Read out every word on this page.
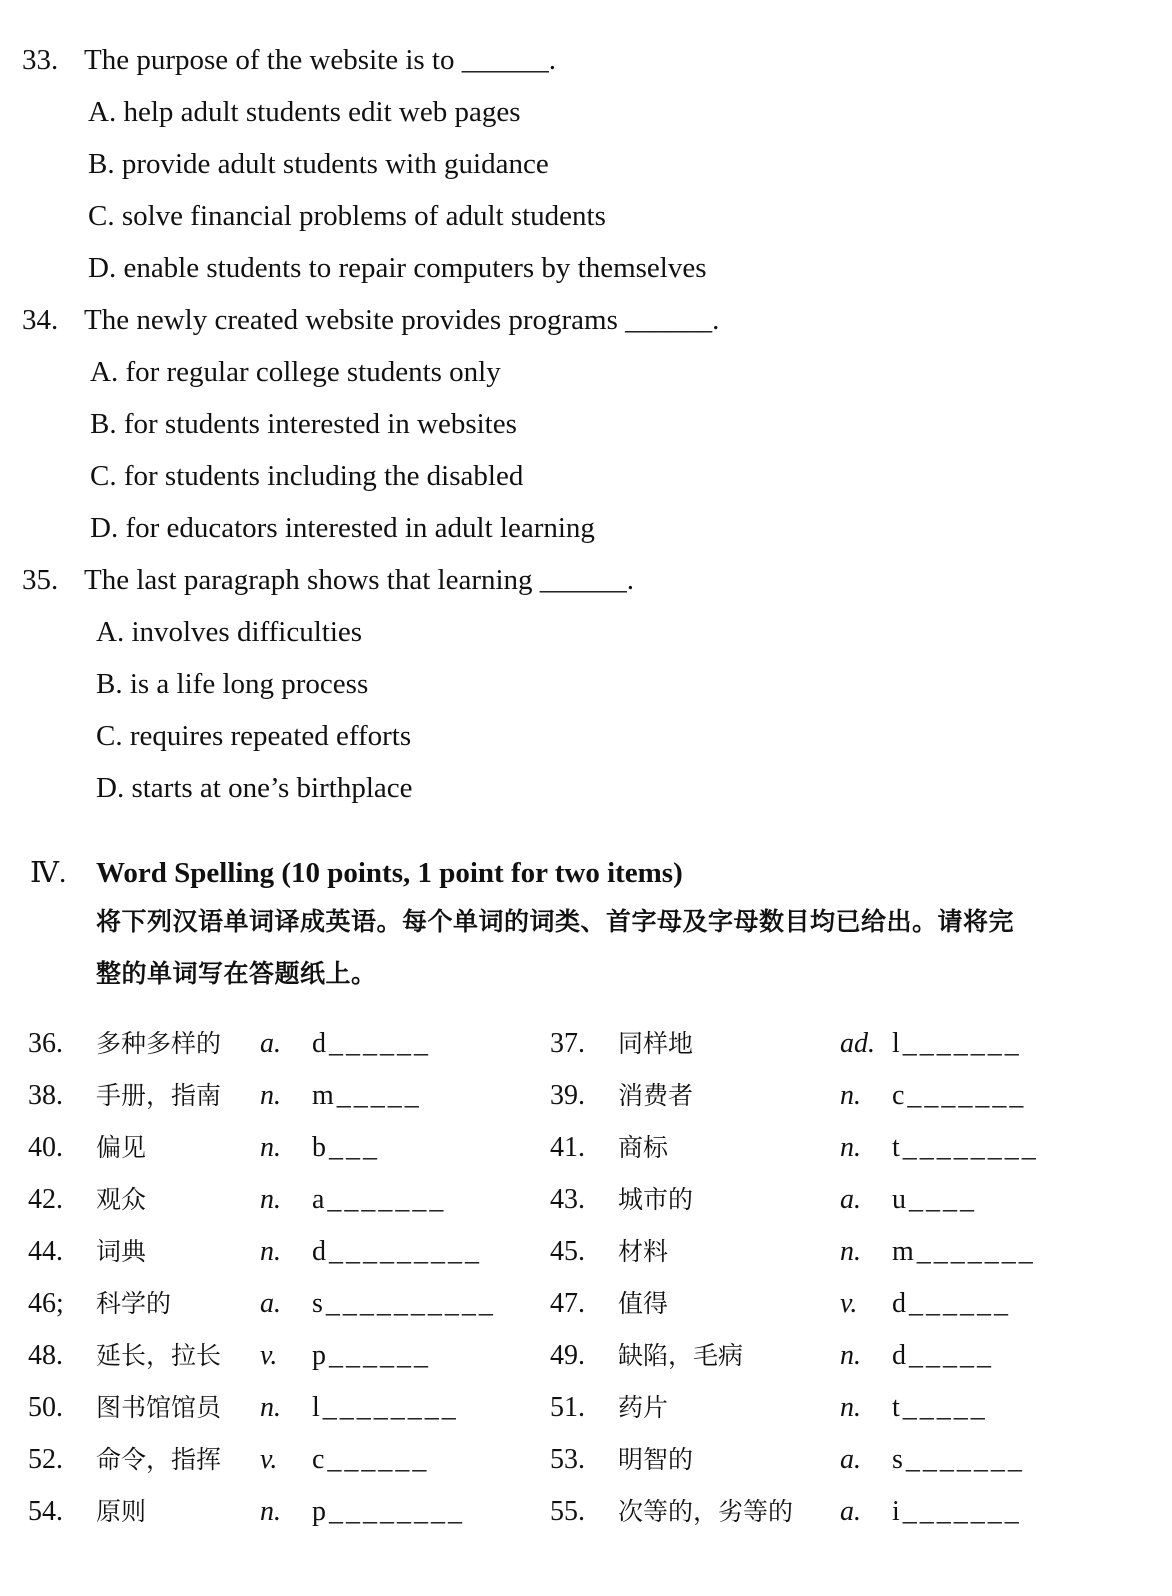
33. The purpose of the website is to ______.
A. help adult students edit web pages
B. provide adult students with guidance
C. solve financial problems of adult students
D. enable students to repair computers by themselves
34. The newly created website provides programs ______.
A. for regular college students only
B. for students interested in websites
C. for students including the disabled
D. for educators interested in adult learning
35. The last paragraph shows that learning ______.
A. involves difficulties
B. is a life long process
C. requires repeated efforts
D. starts at one’s birthplace
Ⅳ. Word Spelling (10 points, 1 point for two items)
将下列汉语单词译成英语。每个单词的词类、首字母及字母数目均已给出。请将完
整的单词写在答题纸上。
36.	多种多样的	a.	d______
38.	手册，指南	n.	m_____
40.	偏见	n.	b___
42.	观众	n.	a_______
44.	词典	n.	d_________
46;	科学的	a.	s__________
48.	延长，拉长	v.	p______
50.	图书馆馆员	n.	l________
52.	命令，指挥	v.	c______
54.	原则	n.	p________
37.	同样地	ad. l_______
39.	消费者	n.	c_______
41.	商标	n.	t________
43.	城市的	a.	u____
45.	材料	n.	m_______
47.	值得	v.	d______
49.	缺陷，毛病	n.	d_____
51.	药片	n.	t_____
53.	明智的	a.	s_______
55.	次等的，劣等的	a.	i_______
